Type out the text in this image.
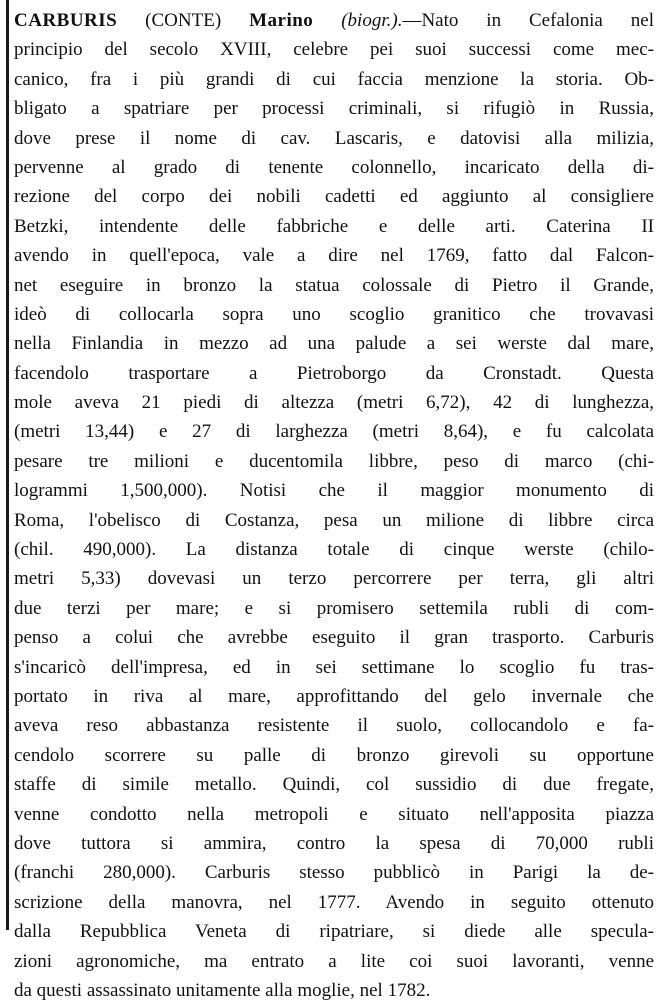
CARBURIS (CONTE) Marino (biogr.).—Nato in Cefalonia nel
principio del secolo XVIII, celebre pei suoi successi come mec-
canico, fra i più grandi di cui faccia menzione la storia. Ob-
bligato a spatriare per processi criminali, si rifugiò in Russia,
dove prese il nome di cav. Lascaris, e datovisi alla milizia,
pervenne al grado di tenente colonnello, incaricato della di-
rezione del corpo dei nobili cadetti ed aggiunto al consigliere
Betzki, intendente delle fabbriche e delle arti. Caterina II
avendo in quell'epoca, vale a dire nel 1769, fatto dal Falcon-
net eseguire in bronzo la statua colossale di Pietro il Grande,
ideò di collocarla sopra uno scoglio granitico che trovavasi
nella Finlandia in mezzo ad una palude a sei werste dal mare,
facendolo trasportare a Pietroborgo da Cronstadt. Questa
mole aveva 21 piedi di altezza (metri 6,72), 42 di lunghezza,
(metri 13,44) e 27 di larghezza (metri 8,64), e fu calcolata
pesare tre milioni e ducentomila libbre, peso di marco (chi-
logrammi 1,500,000). Notisi che il maggior monumento di
Roma, l'obelisco di Costanza, pesa un milione di libbre circa
(chil. 490,000). La distanza totale di cinque werste (chilo-
metri 5,33) dovevasi un terzo percorrere per terra, gli altri
due terzi per mare; e si promisero settemila rubli di com-
penso a colui che avrebbe eseguito il gran trasporto. Carburis
s'incaricò dell'impresa, ed in sei settimane lo scoglio fu tras-
portato in riva al mare, approfittando del gelo invernale che
aveva reso abbastanza resistente il suolo, collocandolo e fa-
cendolo scorrere su palle di bronzo girevoli su opportune
staffe di simile metallo. Quindi, col sussidio di due fregate,
venne condotto nella metropoli e situato nell'apposita piazza
dove tuttora si ammira, contro la spesa di 70,000 rubli
(franchi 280,000). Carburis stesso pubblicò in Parigi la de-
scrizione della manovra, nel 1777. Avendo in seguito ottenuto
dalla Repubblica Veneta di ripatriare, si diede alle specula-
zioni agronomiche, ma entrato a lite coi suoi lavoranti, venne
da questi assassinato unitamente alla moglie, nel 1782.
